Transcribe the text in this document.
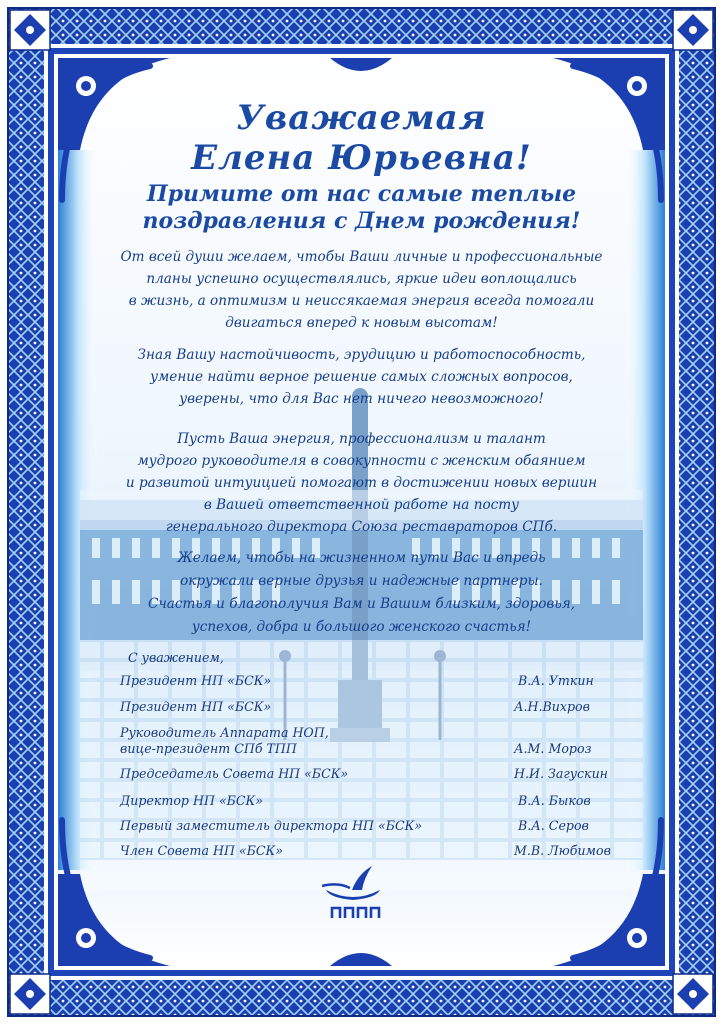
Уважаемая
Елена Юрьевна!
Примите от нас самые теплые
поздравления с Днем рождения!
От всей души желаем, чтобы Ваши личные и профессиональные
планы успешно осуществлялись, яркие идеи воплощались
в жизнь, а оптимизм и неиссякаемая энергия всегда помогали
двигаться вперед к новым высотам!
Зная Вашу настойчивость, эрудицию и работоспособность,
умение найти верное решение самых сложных вопросов,
уверены, что для Вас нет ничего невозможного!
Пусть Ваша энергия, профессионализм и талант
мудрого руководителя в совокупности с женским обаянием
и развитой интуицией помогают в достижении новых вершин
в Вашей ответственной работе на посту
генерального директора Союза реставраторов СПб.
Желаем, чтобы на жизненном пути Вас и впредь
окружали верные друзья и надежные партнеры.
Счастья и благополучия Вам и Вашим близким, здоровья,
успехов, добра и большого женского счастья!
С уважением,
Президент НП «БСК»	В.А. Уткин
Президент НП «БСК»	А.Н.Вихров
Руководитель Аппарата НОП,
вице-президент СПб ТПП	А.М. Мороз
Председатель Совета НП «БСК»	Н.И. Загускин
Директор НП «БСК»	В.А. Быков
Первый заместитель директора НП «БСК»	В.А. Серов
Член Совета НП «БСК»	М.В. Любимов
